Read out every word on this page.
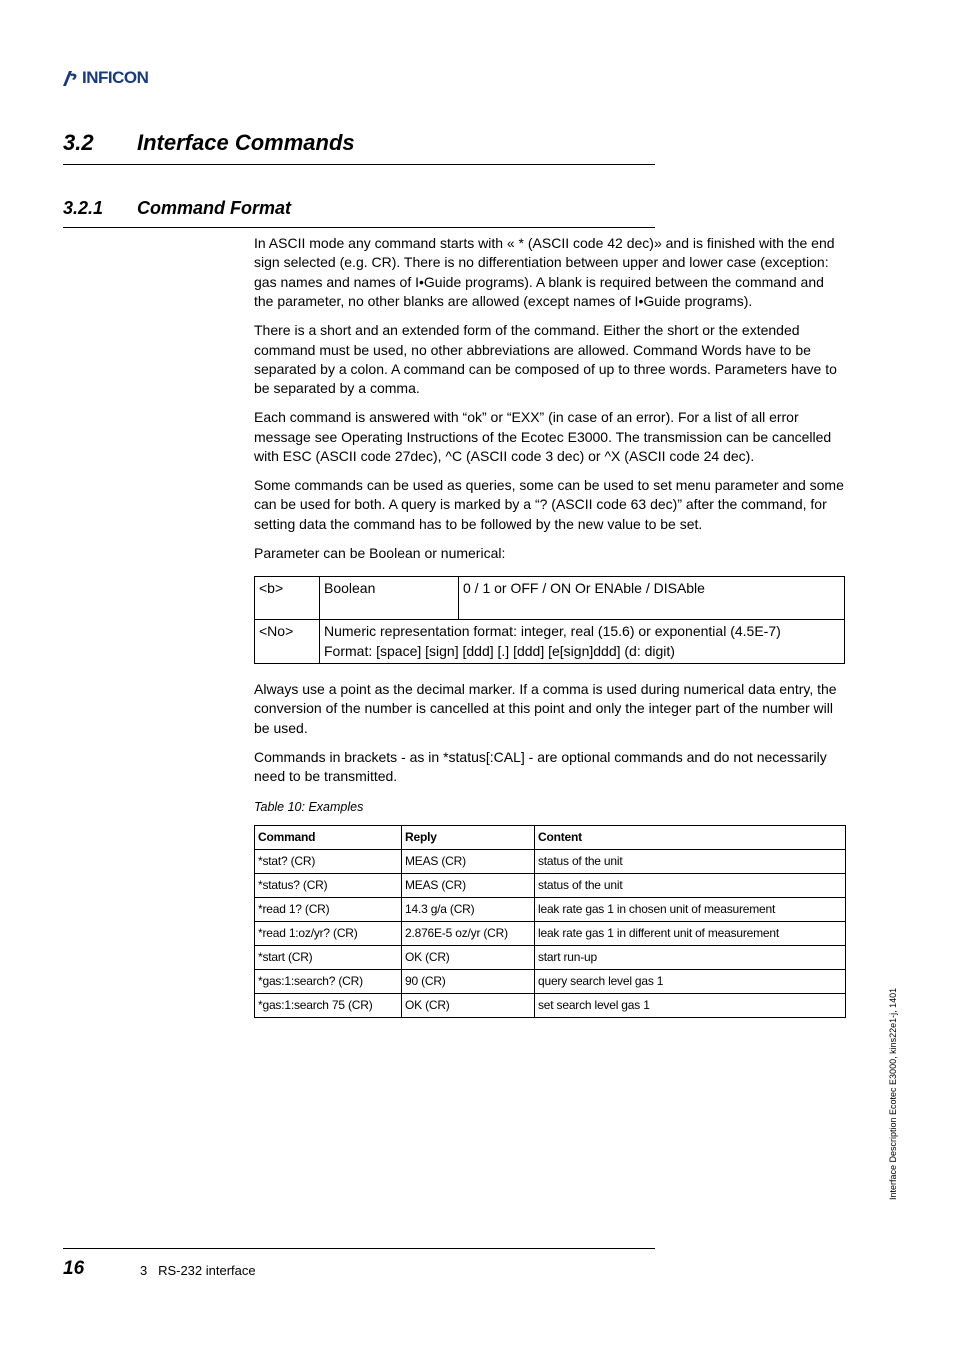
INFICON
3.2 Interface Commands
3.2.1 Command Format

In ASCII mode any command starts with « * (ASCII code 42 dec)» and is finished with the end sign selected (e.g. CR). There is no differentiation between upper and lower case (exception: gas names and names of I•Guide programs). A blank is required between the command and the parameter, no other blanks are allowed (except names of I•Guide programs).

There is a short and an extended form of the command. Either the short or the extended command must be used, no other abbreviations are allowed. Command Words have to be separated by a colon. A command can be composed of up to three words. Parameters have to be separated by a comma.

Each command is answered with “ok” or “EXX” (in case of an error). For a list of all error message see Operating Instructions of the Ecotec E3000. The transmission can be cancelled with ESC (ASCII code 27dec), ^C (ASCII code 3 dec) or ^X (ASCII code 24 dec).

Some commands can be used as queries, some can be used to set menu parameter and some can be used for both. A query is marked by a “? (ASCII code 63 dec)” after the command, for setting data the command has to be followed by the new value to be set.

Parameter can be Boolean or numerical:

<b>	Boolean	0 / 1 or OFF / ON Or ENAble / DISAble
<No>	Numeric representation format: integer, real (15.6) or exponential (4.5E-7)
Format: [space] [sign] [ddd] [.] [ddd] [e[sign]ddd] (d: digit)	

Always use a point as the decimal marker. If a comma is used during numerical data entry, the conversion of the number is cancelled at this point and only the integer part of the number will be used.

Commands in brackets - as in *status[:CAL] - are optional commands and do not necessarily need to be transmitted.

Table 10: Examples
Command	Reply	Content
*stat? (CR)	MEAS (CR)	status of the unit
*status? (CR)	MEAS (CR)	status of the unit
*read 1? (CR)	14.3 g/a (CR)	leak rate gas 1 in chosen unit of measurement
*read 1:oz/yr? (CR)	2.876E-5 oz/yr (CR)	leak rate gas 1 in different unit of measurement
*start (CR)	OK (CR)	start run-up
*gas:1:search? (CR)	90 (CR)	query search level gas 1
*gas:1:search 75 (CR)	OK (CR)	set search level gas 1	Interface Description Ecotec E3000, kins22e1-j, 1401
16	3   RS-232 interface
